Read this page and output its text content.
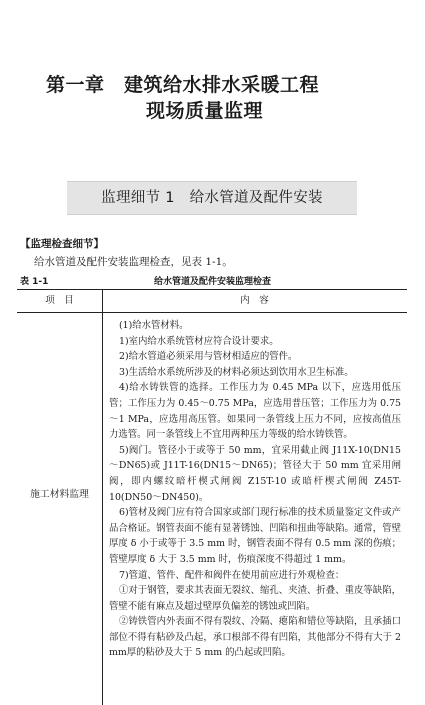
第一章　建筑给水排水采暖工程
现场质量监理
监理细节 1　给水管道及配件安装
【监理检查细节】
给水管道及配件安装监理检查，见表 1-1。
表 1-1	给水管道及配件安装监理检查
项　目	内　容
施工材料监理

(1)给水管材料。

1)室内给水系统管材应符合设计要求。

2)给水管道必须采用与管材相适应的管件。

3)生活给水系统所涉及的材料必须达到饮用水卫生标准。

4)给水铸铁管的选择。工作压力为 0.45 MPa 以下，应选用低压管；工作压力为 0.45～0.75 MPa，应选用普压管；工作压力为 0.75～1 MPa，应选用高压管。如果同一条管线上压力不同，应按高值压力选管。同一条管线上不宜用两种压力等级的给水铸铁管。

5)阀门。管径小于或等于 50 mm，宜采用截止阀 J11X-10(DN15～DN65)或 J11T-16(DN15～DN65)；管径大于 50 mm 宜采用闸阀，即内螺纹暗杆楔式闸阀 Z15T-10 或暗杆楔式闸阀 Z45T-10(DN50～DN450)。

6)管材及阀门应有符合国家或部门现行标准的技术质量鉴定文件或产品合格证。钢管表面不能有显著锈蚀、凹陷和扭曲等缺陷。通常，管壁厚度 δ 小于或等于 3.5 mm 时，钢管表面不得有 0.5 mm 深的伤痕；管壁厚度 δ 大于 3.5 mm 时，伤痕深度不得超过 1 mm。

7)管道、管件、配件和阀件在使用前应进行外观检查：

①对于钢管，要求其表面无裂纹、缩孔、夹渣、折叠、重皮等缺陷，管壁不能有麻点及超过壁厚负偏差的锈蚀或凹陷。

②铸铁管内外表面不得有裂纹、冷隔、瘪陷和错位等缺陷，且承插口部位不得有粘砂及凸起，承口根部不得有凹陷，其他部分不得有大于 2 mm厚的粘砂及大于 5 mm 的凸起或凹陷。
